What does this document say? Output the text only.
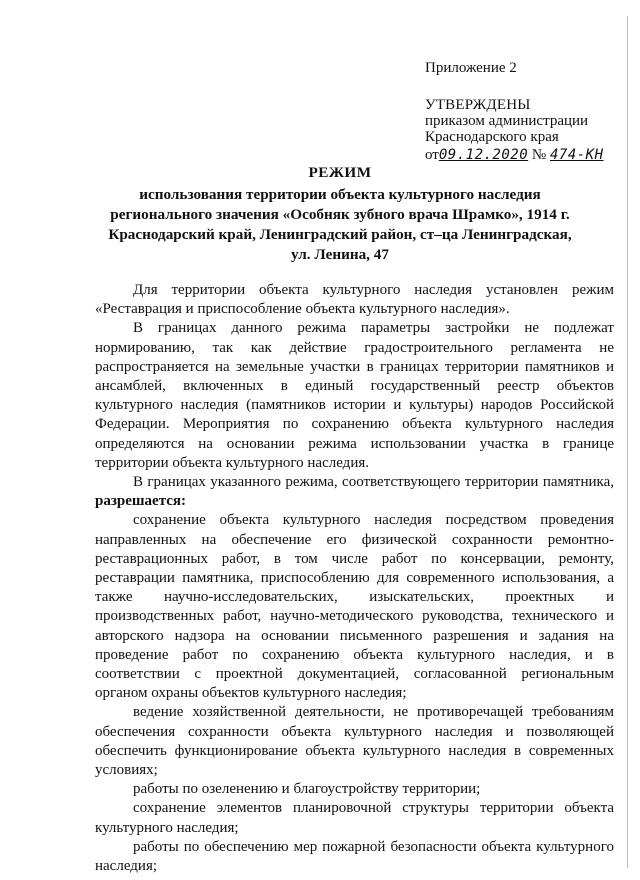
Приложение 2
УТВЕРЖДЕНЫ
приказом администрации
Краснодарского края
от09.12.2020 № 474-КН
РЕЖИМ
использования территории объекта культурного наследия
регионального значения «Особняк зубного врача Шрамко», 1914 г.
Краснодарский край, Ленинградский район, ст–ца Ленинградская,
ул. Ленина, 47

Для территории объекта культурного наследия установлен режим «Реставрация и приспособление объекта культурного наследия».

В границах данного режима параметры застройки не подлежат нормированию, так как действие градостроительного регламента не распространяется на земельные участки в границах территории памятников и ансамблей, включенных в единый государственный реестр объектов культурного наследия (памятников истории и культуры) народов Российской Федерации. Мероприятия по сохранению объекта культурного наследия определяются на основании режима использовании участка в границе территории объекта культурного наследия.

В границах указанного режима, соответствующего территории памятника, разрешается:

сохранение объекта культурного наследия посредством проведения направленных на обеспечение его физической сохранности ремонтно-реставрационных работ, в том числе работ по консервации, ремонту, реставрации памятника, приспособлению для современного использования, а также научно-исследовательских, изыскательских, проектных и производственных работ, научно-методического руководства, технического и авторского надзора на основании письменного разрешения и задания на проведение работ по сохранению объекта культурного наследия, и в соответствии с проектной документацией, согласованной региональным органом охраны объектов культурного наследия;

ведение хозяйственной деятельности, не противоречащей требованиям обеспечения сохранности объекта культурного наследия и позволяющей обеспечить функционирование объекта культурного наследия в современных условиях;

работы по озеленению и благоустройству территории;

сохранение элементов планировочной структуры территории объекта культурного наследия;

работы по обеспечению мер пожарной безопасности объекта культурного наследия;
